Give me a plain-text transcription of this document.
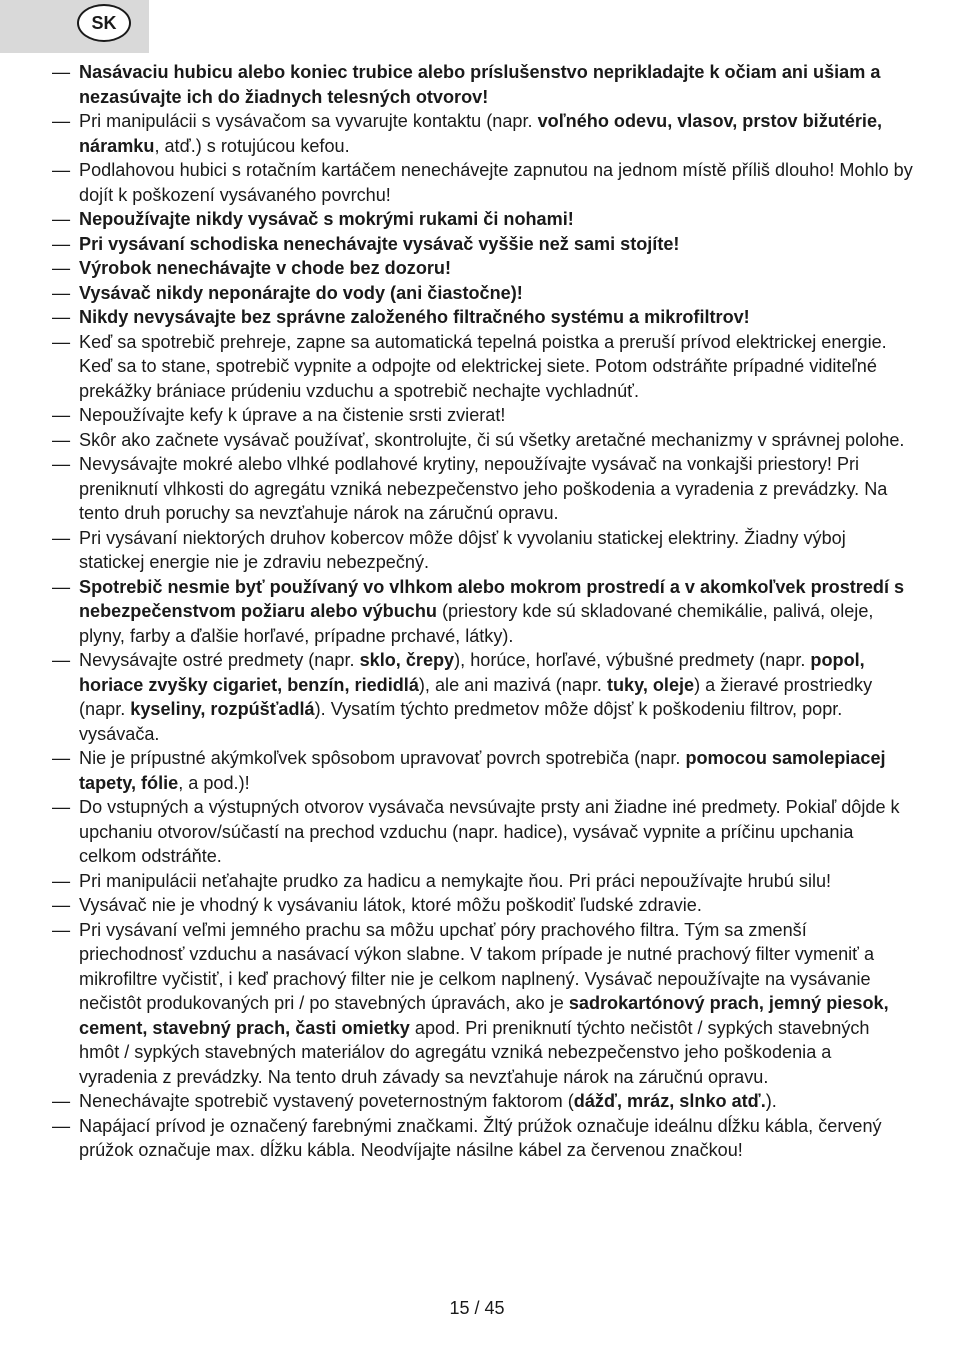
SK
— Nasávaciu hubicu alebo koniec trubice alebo príslušenstvo neprikladajte k očiam ani ušiam a nezasúvajte ich do žiadnych telesných otvorov!
— Pri manipulácii s vysávačom sa vyvarujte kontaktu (napr. voľného odevu, vlasov, prstov bižutérie, náramku, atď.) s rotujúcou kefou.
— Podlahovou hubici s rotačním kartáčem nenechávejte zapnutou na jednom místě příliš dlouho! Mohlo by dojít k poškození vysávaného povrchu!
— Nepoužívajte nikdy vysávač s mokrými rukami či nohami!
— Pri vysávaní schodiska nenechávajte vysávač vyššie než sami stojíte!
— Výrobok nenechávajte v chode bez dozoru!
— Vysávač nikdy neponárajte do vody (ani čiastočne)!
— Nikdy nevysávajte bez správne založeného filtračného systému a mikrofiltrov!
— Keď sa spotrebič prehreje, zapne sa automatická tepelná poistka a preruší prívod elektrickej energie. Keď sa to stane, spotrebič vypnite a odpojte od elektrickej siete. Potom odstráňte prípadné viditeľné prekážky brániace prúdeniu vzduchu a spotrebič nechajte vychladnúť.
— Nepoužívajte kefy k úprave a na čistenie srsti zvierat!
— Skôr ako začnete vysávač používať, skontrolujte, či sú všetky aretačné mechanizmy v správnej polohe.
— Nevysávajte mokré alebo vlhké podlahové krytiny, nepoužívajte vysávač na vonkajši priestory! Pri preniknutí vlhkosti do agregátu vzniká nebezpečenstvo jeho poškodenia a vyradenia z prevádzky. Na tento druh poruchy sa nevzťahuje nárok na záručnú opravu.
— Pri vysávaní niektorých druhov kobercov môže dôjsť k vyvolaniu statickej elektriny. Žiadny výboj statickej energie nie je zdraviu nebezpečný.
— Spotrebič nesmie byť používaný vo vlhkom alebo mokrom prostredí a v akomkoľvek prostredí s nebezpečenstvom požiaru alebo výbuchu (priestory kde sú skladované chemikálie, palivá, oleje, plyny, farby a ďalšie horľavé, prípadne prchavé, látky).
— Nevysávajte ostré predmety (napr. sklo, črepy), horúce, horľavé, výbušné predmety (napr. popol, horiace zvyšky cigariet, benzín, riedidlá), ale ani mazivá (napr. tuky, oleje) a žieravé prostriedky (napr. kyseliny, rozpúšťadlá). Vysatím týchto predmetov môže dôjsť k poškodeniu filtrov, popr. vysávača.
— Nie je prípustné akýmkoľvek spôsobom upravovať povrch spotrebiča (napr. pomocou samolepiacej tapety, fólie, a pod.)!
— Do vstupných a výstupných otvorov vysávača nevsúvajte prsty ani žiadne iné predmety. Pokiaľ dôjde k upchaniu otvorov/súčastí na prechod vzduchu (napr. hadice), vysávač vypnite a príčinu upchania celkom odstráňte.
— Pri manipulácii neťahajte prudko za hadicu a nemykajte ňou. Pri práci nepoužívajte hrubú silu!
— Vysávač nie je vhodný k vysávaniu látok, ktoré môžu poškodiť ľudské zdravie.
— Pri vysávaní veľmi jemného prachu sa môžu upchať póry prachového filtra. Tým sa zmenší priechodnosť vzduchu a nasávací výkon slabne. V takom prípade je nutné prachový filter vymeniť a mikrofiltre vyčistiť, i keď prachový filter nie je celkom naplnený. Vysávač nepoužívajte na vysávanie nečistôt produkovaných pri / po stavebných úpravách, ako je sadrokartónový prach, jemný piesok, cement, stavebný prach, časti omietky apod. Pri preniknutí týchto nečistôt / sypkých stavebných hmôt / sypkých stavebných materiálov do agregátu vzniká nebezpečenstvo jeho poškodenia a vyradenia z prevádzky. Na tento druh závady sa nevzťahuje nárok na záručnú opravu.
— Nenechávajte spotrebič vystavený poveternostným faktorom (dážď, mráz, slnko atď.).
— Napájací prívod je označený farebnými značkami. Žltý prúžok označuje ideálnu dĺžku kábla, červený prúžok označuje max. dĺžku kábla. Neodvíjajte násilne kábel za červenou značkou!
15 / 45
